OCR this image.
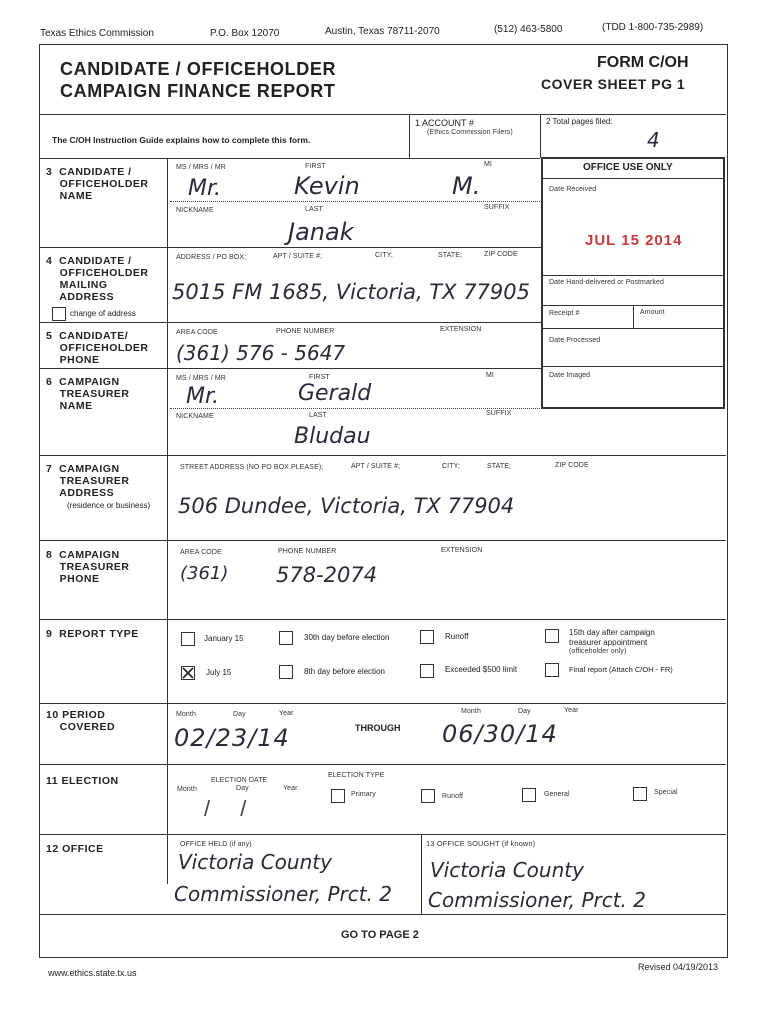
Texas Ethics Commission	P.O. Box 12070	Austin, Texas 78711-2070	(512) 463-5800	(TDD 1-800-735-2989)
CANDIDATE / OFFICEHOLDER
CAMPAIGN FINANCE REPORT
FORM C/OH
COVER SHEET PG 1
The C/OH Instruction Guide explains how to complete this form.
1 ACCOUNT #
(Ethics Commission Filers)
2 Total pages filed:
4
OFFICE USE ONLY
Date Received
JUL 15 2014
Date Hand-delivered or Postmarked
Receipt #	Amount
Date Processed
Date Imaged
3  CANDIDATE /
OFFICEHOLDER
NAME
MS / MRS / MR	FIRST	MI
Mr.	Kevin	M.
NICKNAME	LAST	SUFFIX
Janak
4  CANDIDATE /
OFFICEHOLDER
MAILING
ADDRESS
change of address
ADDRESS / PO BOX;	APT / SUITE #;	CITY;	STATE;	ZIP CODE
5015 FM 1685, Victoria, TX 77905
5  CANDIDATE/
OFFICEHOLDER
PHONE
AREA CODE	PHONE NUMBER	EXTENSION
(361) 576 - 5647
6  CAMPAIGN
TREASURER
NAME
MS / MRS / MR	FIRST	MI
Mr.	Gerald
NICKNAME	LAST	SUFFIX
Bludau
7  CAMPAIGN
TREASURER
ADDRESS
(residence or business)
STREET ADDRESS (NO PO BOX PLEASE);	APT / SUITE #;	CITY;	STATE;	ZIP CODE
506 Dundee, Victoria, TX 77904
8  CAMPAIGN
TREASURER
PHONE
AREA CODE	PHONE NUMBER	EXTENSION
(361) 578-2074
9  REPORT TYPE	January 15	30th day before election	Runoff	15th day after campaign treasurer appointment
(officeholder only)
July 15	8th day before election	Exceeded $500 limit	Final report (Attach C/OH - FR)
10 PERIOD
COVERED
Month	Day	Year
02/23/14	THROUGH
Month	Day	Year
06/30/14
11 ELECTION	ELECTION DATE
Month	Day	Year
/ /
ELECTION TYPE
Primary	Runoff	General	Special
12 OFFICE	OFFICE HELD (if any)
Victoria County
Commissioner, Prct. 2
13 OFFICE SOUGHT (if known)
Victoria County
Commissioner, Prct. 2
GO TO PAGE 2
www.ethics.state.tx.us
Revised 04/19/2013
